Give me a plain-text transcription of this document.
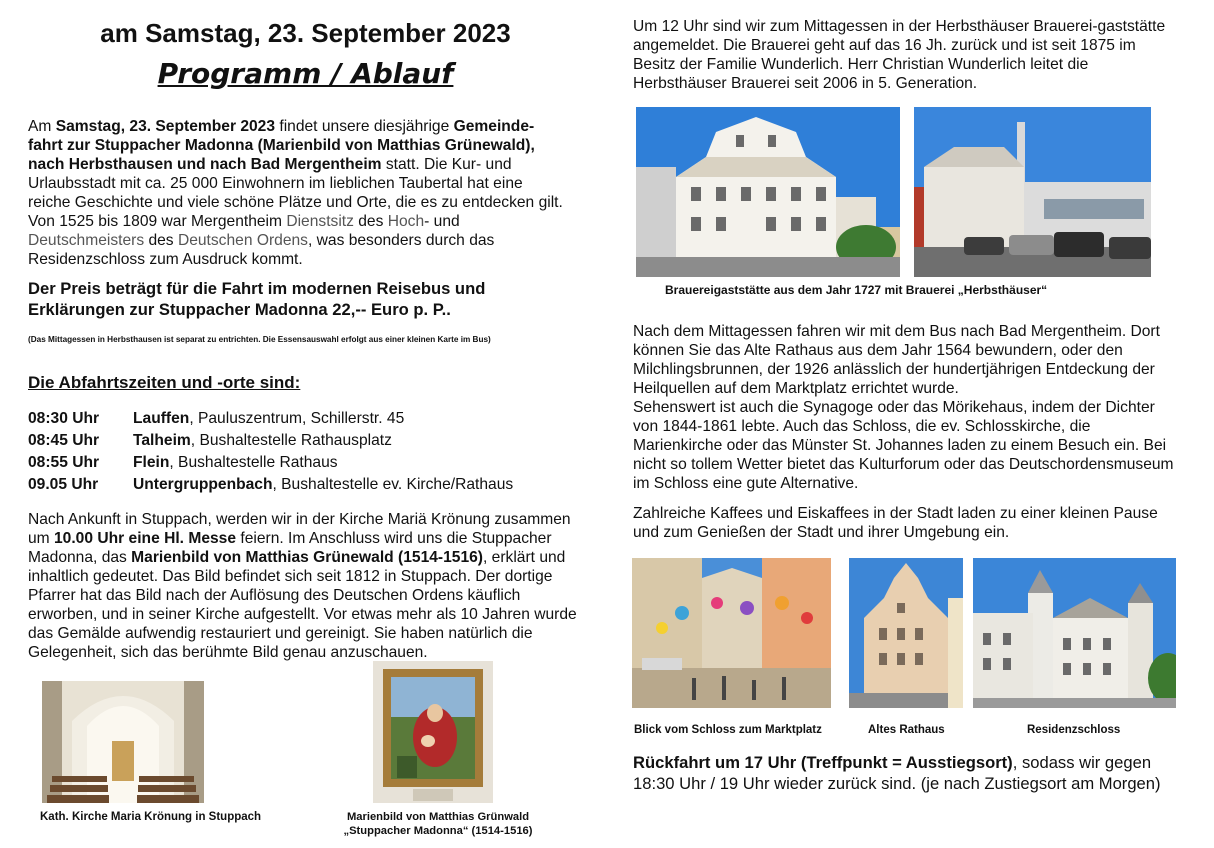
am Samstag, 23. September 2023
Programm / Ablauf

Am Samstag, 23. September 2023 findet unsere diesjährige Gemeinde-fahrt zur Stuppacher Madonna (Marienbild von Matthias Grünewald), nach Herbsthausen und nach Bad Mergentheim statt. Die Kur- und Urlaubsstadt mit ca. 25 000 Einwohnern im lieblichen Taubertal hat eine reiche Geschichte und viele schöne Plätze und Orte, die es zu entdecken gilt. Von 1525 bis 1809 war Mergentheim Dienstsitz des Hoch- und Deutschmeisters des Deutschen Ordens, was besonders durch das Residenzschloss zum Ausdruck kommt.

Der Preis beträgt für die Fahrt im modernen Reisebus und Erklärungen zur Stuppacher Madonna 22,-- Euro p. P..
(Das Mittagessen in Herbsthausen ist separat zu entrichten. Die Essensauswahl erfolgt aus einer kleinen Karte im Bus)
Die Abfahrtszeiten und -orte sind:
08:30 Uhr Lauffen, Pauluszentrum, Schillerstr. 45
08:45 Uhr Talheim, Bushaltestelle Rathausplatz
08:55 Uhr Flein, Bushaltestelle Rathaus
09.05 Uhr Untergruppenbach, Bushaltestelle ev. Kirche/Rathaus

Nach Ankunft in Stuppach, werden wir in der Kirche Mariä Krönung zusammen um 10.00 Uhr eine Hl. Messe feiern. Im Anschluss wird uns die Stuppacher Madonna, das Marienbild von Matthias Grünewald (1514-1516), erklärt und inhaltlich gedeutet. Das Bild befindet sich seit 1812 in Stuppach. Der dortige Pfarrer hat das Bild nach der Auflösung des Deutschen Ordens käuflich erworben, und in seiner Kirche aufgestellt. Vor etwas mehr als 10 Jahren wurde das Gemälde aufwendig restauriert und gereinigt. Sie haben natürlich die Gelegenheit, sich das berühmte Bild genau anzuschauen.

Kath. Kirche Maria Krönung in Stuppach	Marienbild von Matthias Grünwald
„Stuppacher Madonna“ (1514-1516)

Um 12 Uhr sind wir zum Mittagessen in der Herbsthäuser Brauerei-gaststätte angemeldet. Die Brauerei geht auf das 16 Jh. zurück und ist seit 1875 im Besitz der Familie Wunderlich. Herr Christian Wunderlich leitet die Herbsthäuser Brauerei seit 2006 in 5. Generation.

Brauereigaststätte aus dem Jahr 1727 mit Brauerei „Herbsthäuser“

Nach dem Mittagessen fahren wir mit dem Bus nach Bad Mergentheim. Dort können Sie das Alte Rathaus aus dem Jahr 1564 bewundern, oder den Milchlingsbrunnen, der 1926 anlässlich der hundertjährigen Entdeckung der Heilquellen auf dem Marktplatz errichtet wurde.
Sehenswert ist auch die Synagoge oder das Mörikehaus, indem der Dichter von 1844-1861 lebte. Auch das Schloss, die ev. Schlosskirche, die Marienkirche oder das Münster St. Johannes laden zu einem Besuch ein. Bei nicht so tollem Wetter bietet das Kulturforum oder das Deutschordensmuseum im Schloss eine gute Alternative.

Zahlreiche Kaffees und Eiskaffees in der Stadt laden zu einer kleinen Pause und zum Genießen der Stadt und ihrer Umgebung ein.

Blick vom Schloss zum Marktplatz	Altes Rathaus	Residenzschloss

Rückfahrt um 17 Uhr (Treffpunkt = Ausstiegsort), sodass wir gegen 18:30 Uhr / 19 Uhr wieder zurück sind. (je nach Zustiegsort am Morgen)
